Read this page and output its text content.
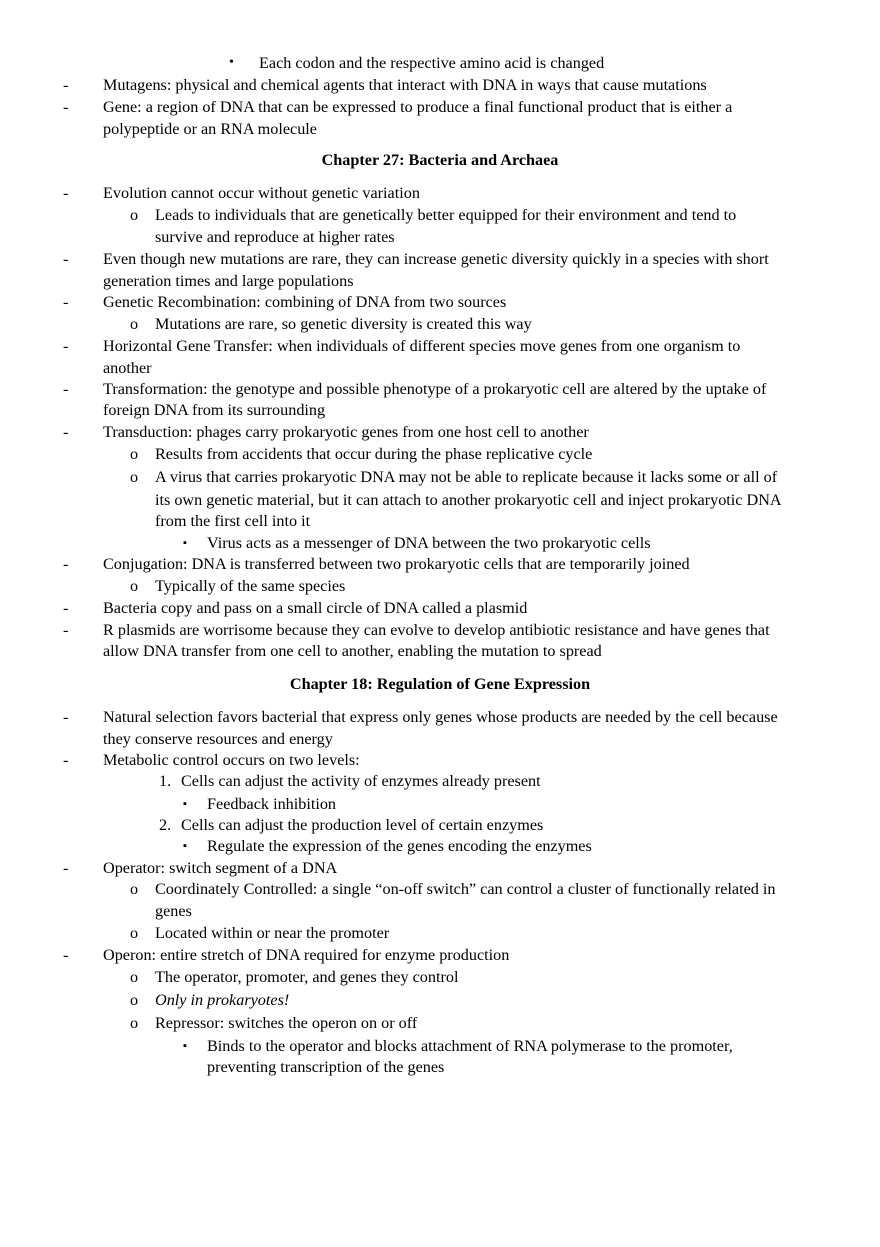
• Each codon and the respective amino acid is changed
- Mutagens: physical and chemical agents that interact with DNA in ways that cause mutations
- Gene: a region of DNA that can be expressed to produce a final functional product that is either a
polypeptide or an RNA molecule
Chapter 27: Bacteria and Archaea
- Evolution cannot occur without genetic variation
o Leads to individuals that are genetically better equipped for their environment and tend to
survive and reproduce at higher rates
- Even though new mutations are rare, they can increase genetic diversity quickly in a species with short
generation times and large populations
- Genetic Recombination: combining of DNA from two sources
o Mutations are rare, so genetic diversity is created this way
- Horizontal Gene Transfer: when individuals of different species move genes from one organism to
another
- Transformation: the genotype and possible phenotype of a prokaryotic cell are altered by the uptake of
foreign DNA from its surrounding
- Transduction: phages carry prokaryotic genes from one host cell to another
o Results from accidents that occur during the phase replicative cycle
o A virus that carries prokaryotic DNA may not be able to replicate because it lacks some or all of
its own genetic material, but it can attach to another prokaryotic cell and inject prokaryotic DNA
from the first cell into it
▪ Virus acts as a messenger of DNA between the two prokaryotic cells
- Conjugation: DNA is transferred between two prokaryotic cells that are temporarily joined
o Typically of the same species
- Bacteria copy and pass on a small circle of DNA called a plasmid
- R plasmids are worrisome because they can evolve to develop antibiotic resistance and have genes that
allow DNA transfer from one cell to another, enabling the mutation to spread
Chapter 18: Regulation of Gene Expression
- Natural selection favors bacterial that express only genes whose products are needed by the cell because
they conserve resources and energy
- Metabolic control occurs on two levels:
1. Cells can adjust the activity of enzymes already present
▪ Feedback inhibition
2. Cells can adjust the production level of certain enzymes
▪ Regulate the expression of the genes encoding the enzymes
- Operator: switch segment of a DNA
o Coordinately Controlled: a single “on-off switch” can control a cluster of functionally related in
genes
o Located within or near the promoter
- Operon: entire stretch of DNA required for enzyme production
o The operator, promoter, and genes they control
o Only in prokaryotes!
o Repressor: switches the operon on or off
▪ Binds to the operator and blocks attachment of RNA polymerase to the promoter,
preventing transcription of the genes
